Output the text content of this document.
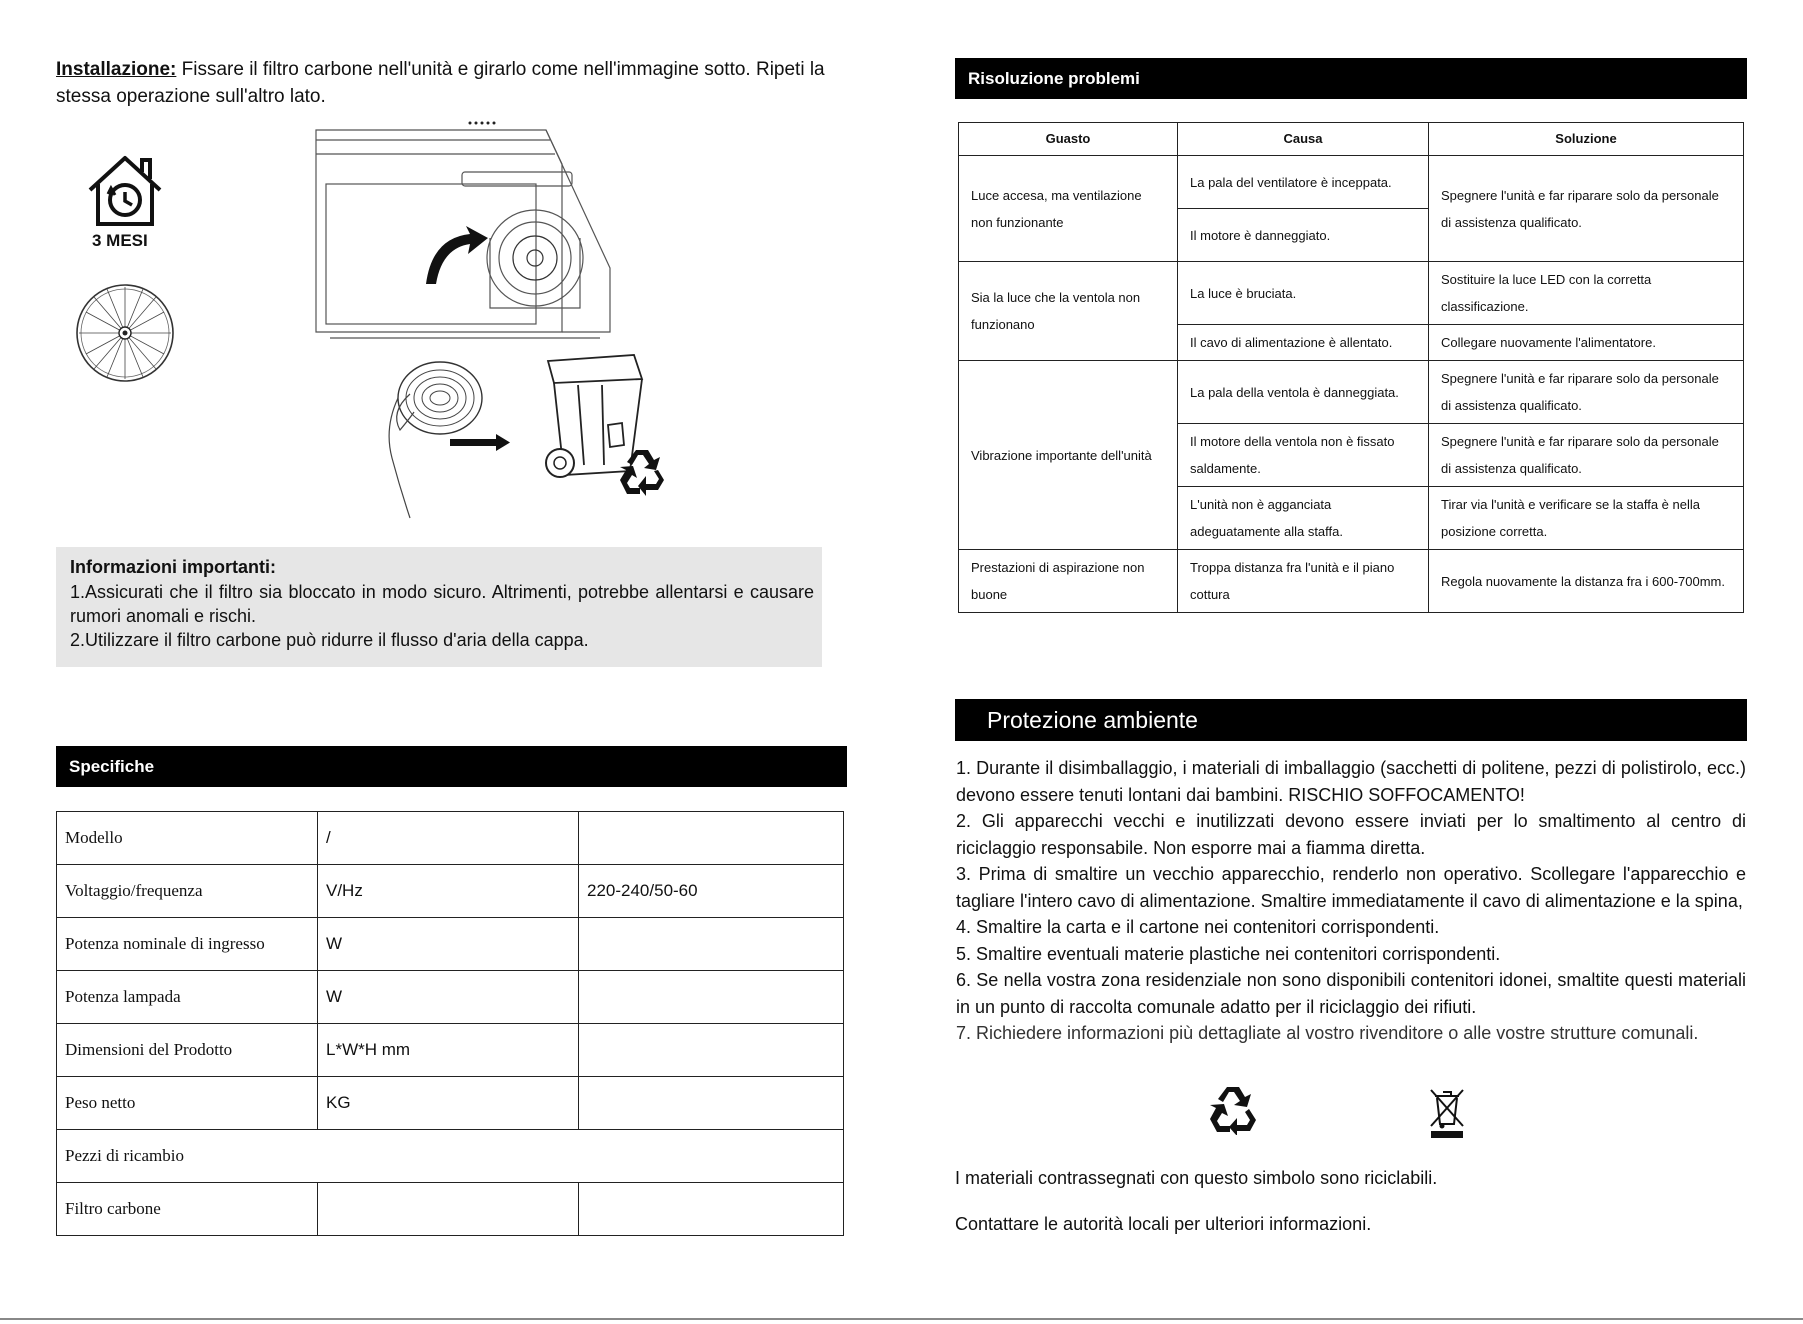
Installazione: Fissare il filtro carbone nell'unità e girarlo come nell'immagine sotto. Ripeti la stessa operazione sull'altro lato.
3 MESI
Informazioni importanti:

1.Assicurati che il filtro sia bloccato in modo sicuro. Altrimenti, potrebbe allentarsi e causare rumori anomali e rischi.

2.Utilizzare il filtro carbone può ridurre il flusso d'aria della cappa.

Specifiche
Modello	/	
Voltaggio/frequenza	V/Hz	220-240/50-60
Potenza nominale di ingresso	W	
Potenza lampada	W	
Dimensioni del Prodotto	L*W*H mm	
Peso netto	KG	
Pezzi di ricambio		
Filtro carbone		
Risoluzione problemi
Guasto	Causa	Soluzione
Luce accesa, ma ventilazione non funzionante	La pala del ventilatore è inceppata.	Spegnere l'unità e far riparare solo da personale di assistenza qualificato.
	Il motore è danneggiato.	
Sia la luce che la ventola non funzionano	La luce è bruciata.	Sostituire la luce LED con la corretta classificazione.
	Il cavo di alimentazione è allentato.	Collegare nuovamente l'alimentatore.
Vibrazione importante dell'unità	La pala della ventola è danneggiata.	Spegnere l'unità e far riparare solo da personale di assistenza qualificato.
	Il motore della ventola non è fissato saldamente.	Spegnere l'unità e far riparare solo da personale di assistenza qualificato.
	L'unità non è agganciata adeguatamente alla staffa.	Tirar via l'unità e verificare se la staffa è nella posizione corretta.
Prestazioni di aspirazione non buone	Troppa distanza fra l'unità e il piano cottura	Regola nuovamente la distanza fra i 600-700mm.
Protezione ambiente

1. Durante il disimballaggio, i materiali di imballaggio (sacchetti di politene, pezzi di polistirolo, ecc.) devono essere tenuti lontani dai bambini. RISCHIO SOFFOCAMENTO!

2. Gli apparecchi vecchi e inutilizzati devono essere inviati per lo smaltimento al centro di riciclaggio responsabile. Non esporre mai a fiamma diretta.

3. Prima di smaltire un vecchio apparecchio, renderlo non operativo. Scollegare l'apparecchio e tagliare l'intero cavo di alimentazione. Smaltire immediatamente il cavo di alimentazione e la spina,

4. Smaltire la carta e il cartone nei contenitori corrispondenti.

5. Smaltire eventuali materie plastiche nei contenitori corrispondenti.

6. Se nella vostra zona residenziale non sono disponibili contenitori idonei, smaltite questi materiali in un punto di raccolta comunale adatto per il riciclaggio dei rifiuti.

7. Richiedere informazioni più dettagliate al vostro rivenditore o alle vostre strutture comunali.

I materiali contrassegnati con questo simbolo sono riciclabili.
Contattare le autorità locali per ulteriori informazioni.
